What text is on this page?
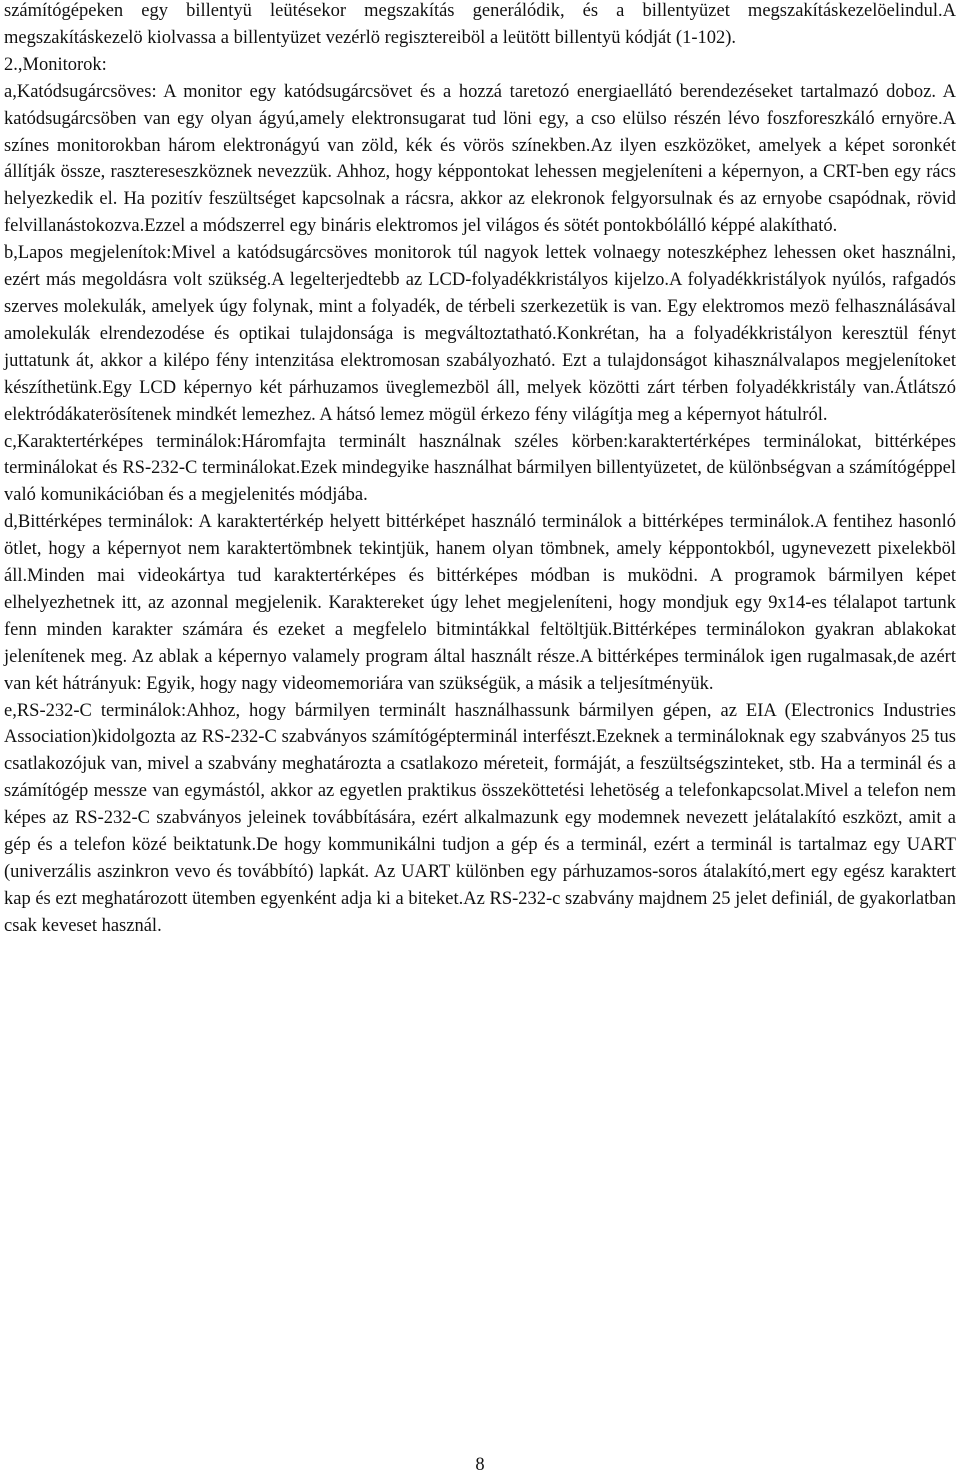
számítógépeken egy billentyü leütésekor megszakítás generálódik, és a billentyüzet megszakításkezelöelindul.A megszakításkezelö kiolvassa a billentyüzet vezérlö regisztereiböl a leütött billentyü kódját (1-102).

2.,Monitorok:

a,Katódsugárcsöves: A monitor egy katódsugárcsövet és a hozzá taretozó energiaellátó berendezéseket tartalmazó doboz. A katódsugárcsöben van egy olyan ágyú,amely elektronsugarat tud löni egy, a cso elülso részén lévo foszforeszkáló ernyöre.A színes monitorokban három elektronágyú van zöld, kék és vörös színekben.Az ilyen eszközöket, amelyek a képet soronkét állítják össze, rasztereseszköznek nevezzük. Ahhoz, hogy képpontokat lehessen megjeleníteni a képernyon, a CRT-ben egy rács helyezkedik el. Ha pozitív feszültséget kapcsolnak a rácsra, akkor az elekronok felgyorsulnak és az ernyobe csapódnak, rövid felvillanástokozva.Ezzel a módszerrel egy bináris elektromos jel világos és sötét pontokbólálló képpé alakítható.

b,Lapos megjelenítok:Mivel a katódsugárcsöves monitorok túl nagyok lettek volnaegy noteszképhez lehessen oket használni, ezért más megoldásra volt szükség.A legelterjedtebb az LCD-folyadékkristályos kijelzo.A folyadékkristályok nyúlós, rafgadós szerves molekulák, amelyek úgy folynak, mint a folyadék, de térbeli szerkezetük is van. Egy elektromos mezö felhasználásával amolekulák elrendezodése és optikai tulajdonsága is megváltoztatható.Konkrétan, ha a folyadékkristályon keresztül fényt juttatunk át, akkor a kilépo fény intenzitása elektromosan szabályozható. Ezt a tulajdonságot kihasználvalapos megjelenítoket készíthetünk.Egy LCD képernyo két párhuzamos üveglemezböl áll, melyek közötti zárt térben folyadékkristály van.Átlátszó elektródákaterösítenek mindkét lemezhez. A hátsó lemez mögül érkezo fény világítja meg a képernyot hátulról.

c,Karaktertérképes terminálok:Háromfajta terminált használnak széles körben:karaktertérképes terminálokat, bittérképes terminálokat és RS-232-C terminálokat.Ezek mindegyike használhat bármilyen billentyüzetet, de különbségvan a számítógéppel való komunikációban és a megjelenités módjába.

d,Bittérképes terminálok: A karaktertérkép helyett bittérképet használó terminálok a bittérképes terminálok.A fentihez hasonló ötlet, hogy a képernyot nem karaktertömbnek tekintjük, hanem olyan tömbnek, amely képpontokból, ugynevezett pixelekböl áll.Minden mai videokártya tud karaktertérképes és bittérképes módban is muködni. A programok bármilyen képet elhelyezhetnek itt, az azonnal megjelenik. Karaktereket úgy lehet megjeleníteni, hogy mondjuk egy 9x14-es télalapot tartunk fenn minden karakter számára és ezeket a megfelelo bitmintákkal feltöltjük.Bittérképes terminálokon gyakran ablakokat jelenítenek meg. Az ablak a képernyo valamely program által használt része.A bittérképes terminálok igen rugalmasak,de azért van két hátrányuk: Egyik, hogy nagy videomemoriára van szükségük, a másik a teljesítményük.

e,RS-232-C terminálok:Ahhoz, hogy bármilyen terminált használhassunk bármilyen gépen, az EIA (Electronics Industries Association)kidolgozta az RS-232-C szabványos számítógépterminál interfészt.Ezeknek a termináloknak egy szabványos 25 tus csatlakozójuk van, mivel a szabvány meghatározta a csatlakozo méreteit, formáját, a feszültségszinteket, stb. Ha a terminál és a számítógép messze van egymástól, akkor az egyetlen praktikus összeköttetési lehetöség a telefonkapcsolat.Mivel a telefon nem képes az RS-232-C szabványos jeleinek továbbítására, ezért alkalmazunk egy modemnek nevezett jelátalakító eszközt, amit a gép és a telefon közé beiktatunk.De hogy kommunikálni tudjon a gép és a terminál, ezért a terminál is tartalmaz egy UART (univerzális aszinkron vevo és továbbító) lapkát. Az UART különben egy párhuzamos-soros átalakító,mert egy egész karaktert kap és ezt meghatározott ütemben egyenként adja ki a biteket.Az RS-232-c szabvány majdnem 25 jelet definiál, de gyakorlatban csak keveset használ.

8
